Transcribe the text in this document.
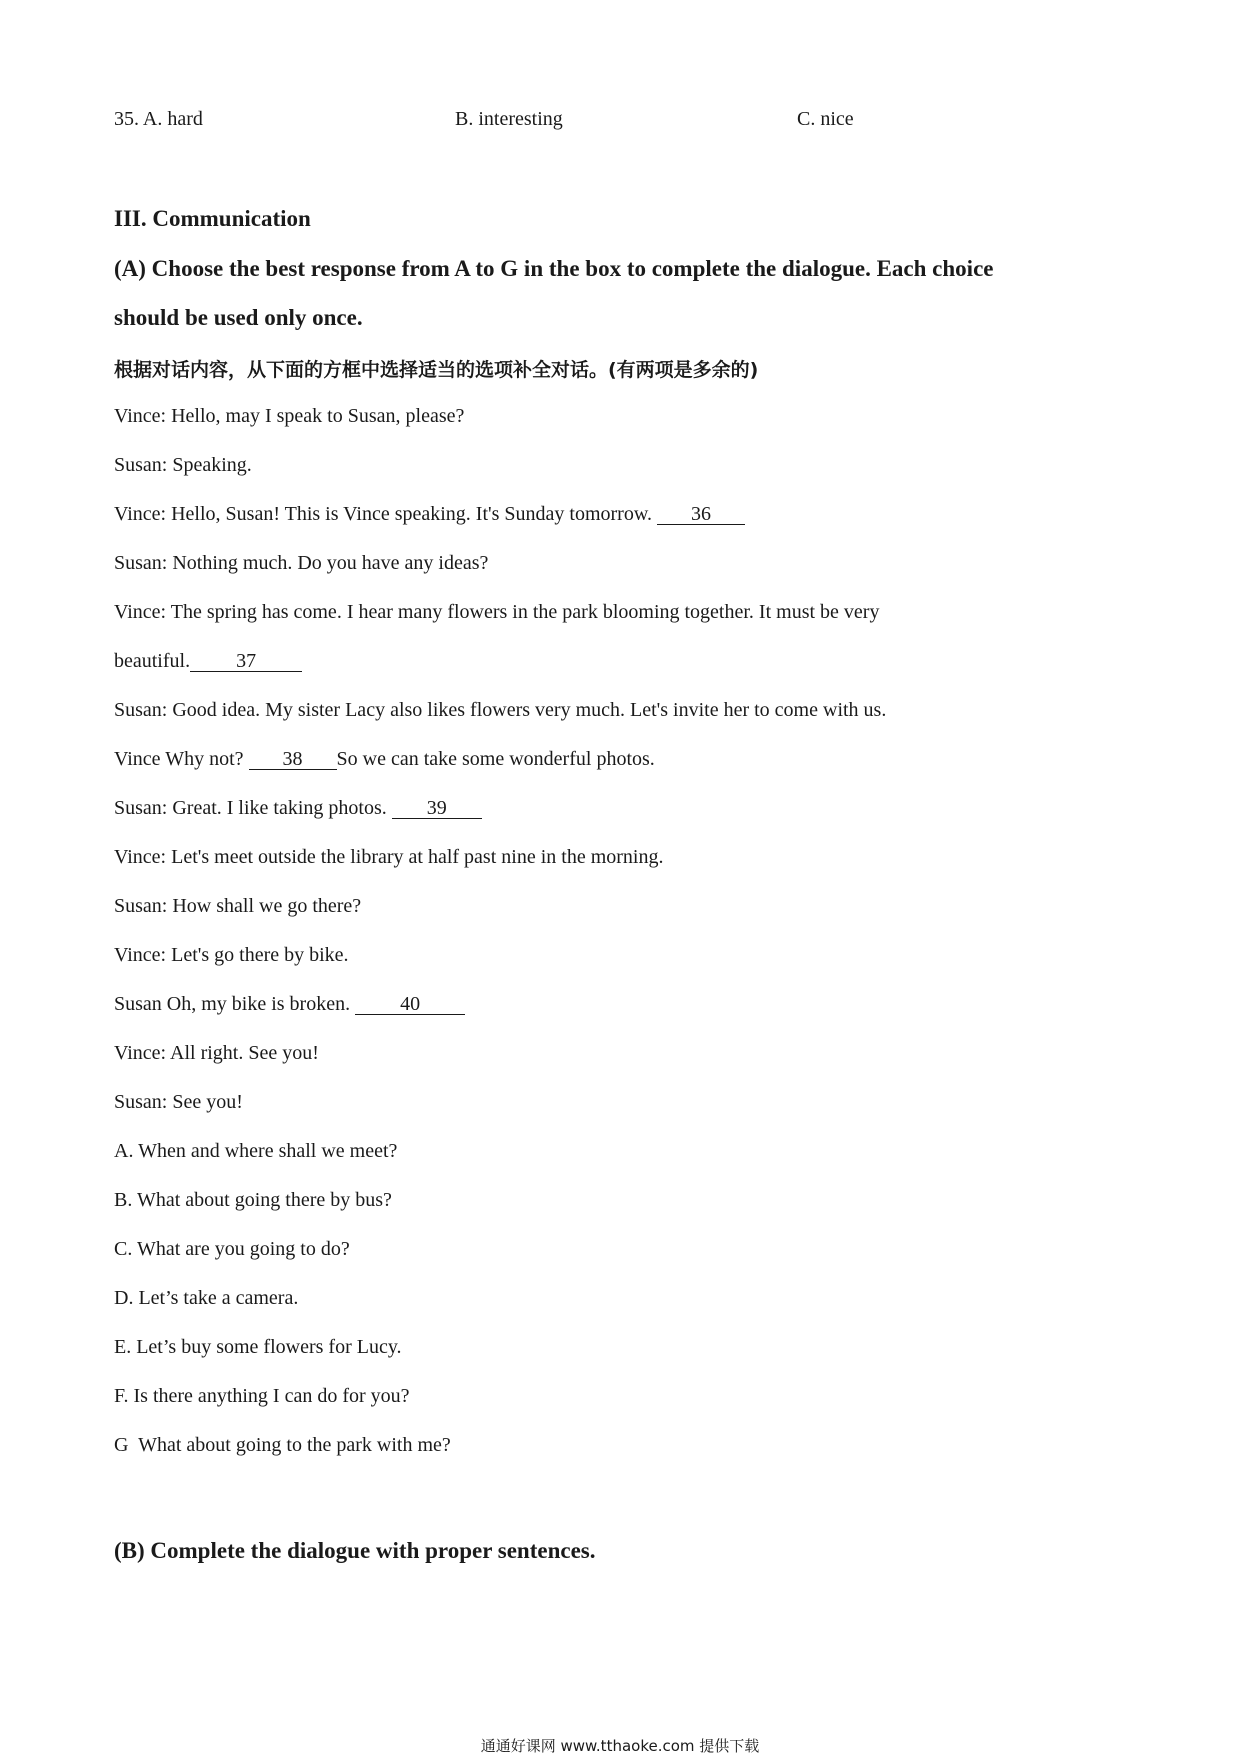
35. A. hard	B. interesting	C. nice
III. Communication
(A) Choose the best response from A to G in the box to complete the dialogue. Each choice
should be used only once.
根据对话内容，从下面的方框中选择适当的选项补全对话。(有两项是多余的)
Vince: Hello, may I speak to Susan, please?
Susan: Speaking.
Vince: Hello, Susan! This is Vince speaking. It's Sunday tomorrow. 36
Susan: Nothing much. Do you have any ideas?
Vince: The spring has come. I hear many flowers in the park blooming together. It must be very
beautiful. 37
Susan: Good idea. My sister Lacy also likes flowers very much. Let's invite her to come with us.
Vince Why not? 38 So we can take some wonderful photos.
Susan: Great. I like taking photos. 39
Vince: Let's meet outside the library at half past nine in the morning.
Susan: How shall we go there?
Vince: Let's go there by bike.
Susan Oh, my bike is broken. 40
Vince: All right. See you!
Susan: See you!
A. When and where shall we meet?
B. What about going there by bus?
C. What are you going to do?
D. Let’s take a camera.
E. Let’s buy some flowers for Lucy.
F. Is there anything I can do for you?
G  What about going to the park with me?
(B) Complete the dialogue with proper sentences.
通通好课网 www.tthaoke.com 提供下载
